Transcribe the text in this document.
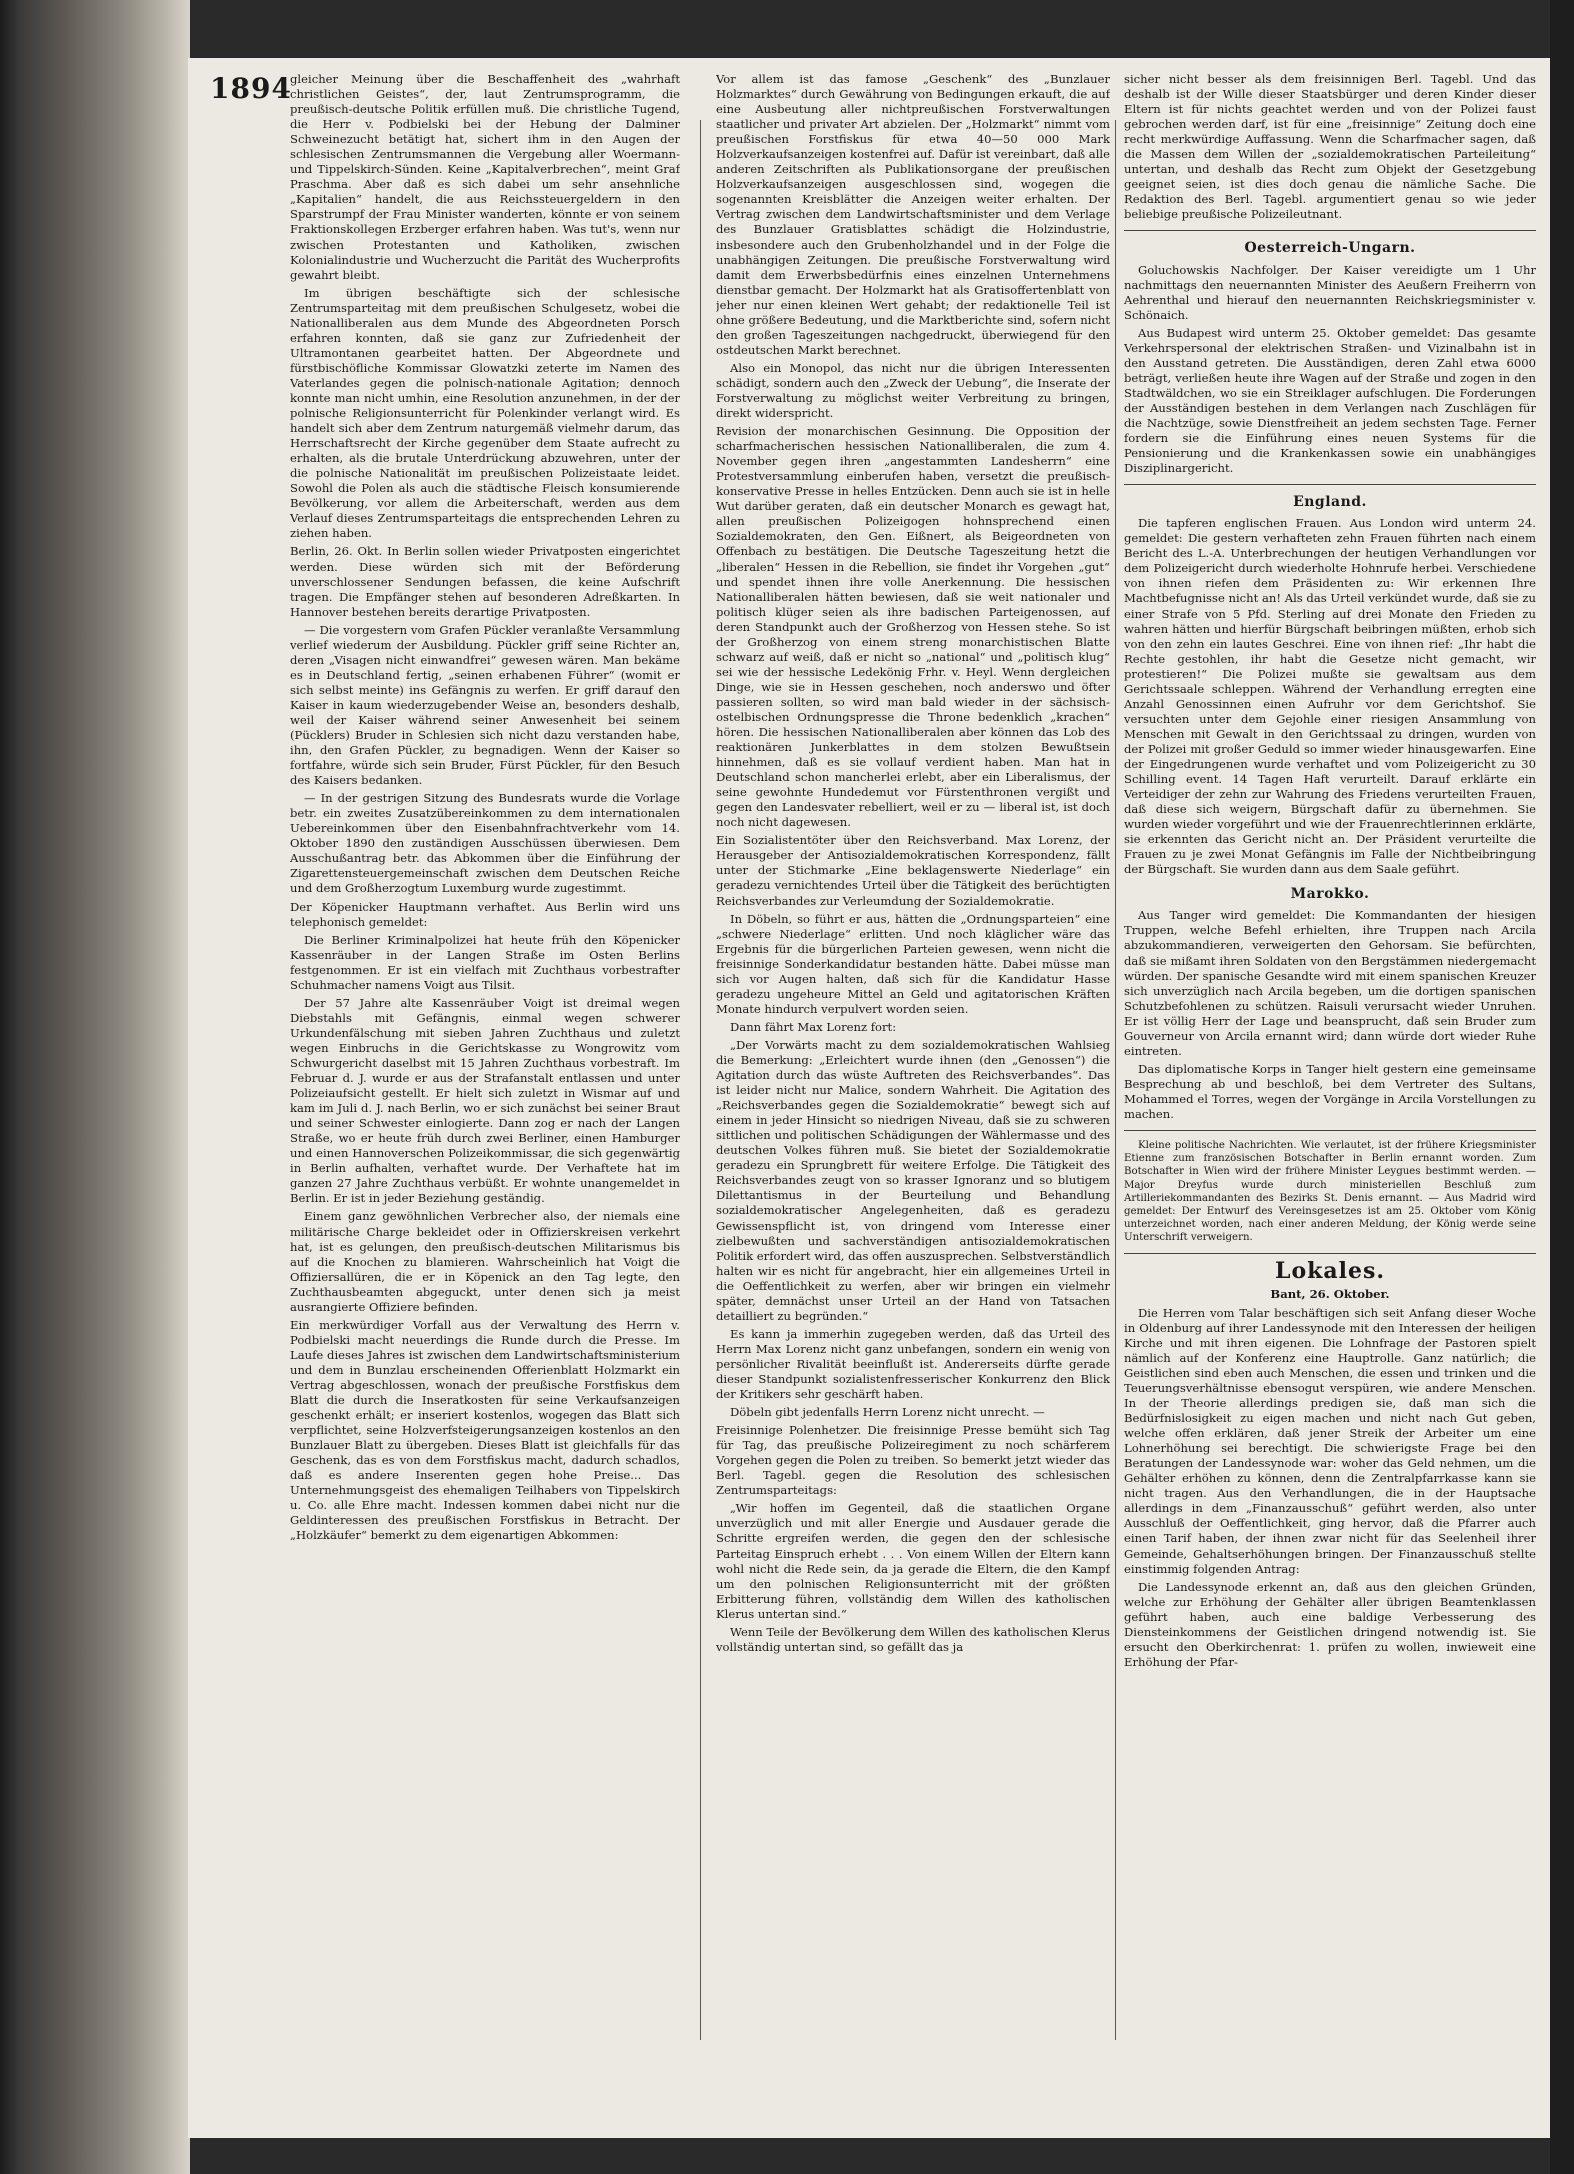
1894

gleicher Meinung über die Beschaffenheit des „wahrhaft christlichen Geistes“, der, laut Zentrumsprogramm, die preußisch-deutsche Politik erfüllen muß. Die christliche Tugend, die Herr v. Podbielski bei der Hebung der Dalminer Schweinezucht betätigt hat, sichert ihm in den Augen der schlesischen Zentrumsmannen die Vergebung aller Woermann- und Tippelskirch-Sünden. Keine „Kapitalverbrechen“, meint Graf Praschma. Aber daß es sich dabei um sehr ansehnliche „Kapitalien“ handelt, die aus Reichssteuergeldern in den Sparstrumpf der Frau Minister wanderten, könnte er von seinem Fraktionskollegen Erzberger erfahren haben. Was tut's, wenn nur zwischen Protestanten und Katholiken, zwischen Kolonialindustrie und Wucherzucht die Parität des Wucherprofits gewahrt bleibt.

Im übrigen beschäftigte sich der schlesische Zentrumsparteitag mit dem preußischen Schulgesetz, wobei die Nationalliberalen aus dem Munde des Abgeordneten Porsch erfahren konnten, daß sie ganz zur Zufriedenheit der Ultramontanen gearbeitet hatten. Der Abgeordnete und fürstbischöfliche Kommissar Glowatzki zeterte im Namen des Vaterlandes gegen die polnisch-nationale Agitation; dennoch konnte man nicht umhin, eine Resolution anzunehmen, in der der polnische Religionsunterricht für Polenkinder verlangt wird. Es handelt sich aber dem Zentrum naturgemäß vielmehr darum, das Herrschaftsrecht der Kirche gegenüber dem Staate aufrecht zu erhalten, als die brutale Unterdrückung abzuwehren, unter der die polnische Nationalität im preußischen Polizeistaate leidet. Sowohl die Polen als auch die städtische Fleisch konsumierende Bevölkerung, vor allem die Arbeiterschaft, werden aus dem Verlauf dieses Zentrumsparteitags die entsprechenden Lehren zu ziehen haben.

Berlin, 26. Okt. In Berlin sollen wieder Privatposten eingerichtet werden. Diese würden sich mit der Beförderung unverschlossener Sendungen befassen, die keine Aufschrift tragen. Die Empfänger stehen auf besonderen Adreßkarten. In Hannover bestehen bereits derartige Privatposten.

— Die vorgestern vom Grafen Pückler veranlaßte Versammlung verlief wiederum der Ausbildung. Pückler griff seine Richter an, deren „Visagen nicht einwandfrei“ gewesen wären. Man bekäme es in Deutschland fertig, „seinen erhabenen Führer“ (womit er sich selbst meinte) ins Gefängnis zu werfen. Er griff darauf den Kaiser in kaum wiederzugebender Weise an, besonders deshalb, weil der Kaiser während seiner Anwesenheit bei seinem (Pücklers) Bruder in Schlesien sich nicht dazu verstanden habe, ihn, den Grafen Pückler, zu begnadigen. Wenn der Kaiser so fortfahre, würde sich sein Bruder, Fürst Pückler, für den Besuch des Kaisers bedanken.

— In der gestrigen Sitzung des Bundesrats wurde die Vorlage betr. ein zweites Zusatzübereinkommen zu dem internationalen Uebereinkommen über den Eisenbahnfrachtverkehr vom 14. Oktober 1890 den zuständigen Ausschüssen überwiesen. Dem Ausschußantrag betr. das Abkommen über die Einführung der Zigarettensteuergemeinschaft zwischen dem Deutschen Reiche und dem Großherzogtum Luxemburg wurde zugestimmt.

Der Köpenicker Hauptmann verhaftet. Aus Berlin wird uns telephonisch gemeldet:

Die Berliner Kriminalpolizei hat heute früh den Köpenicker Kassenräuber in der Langen Straße im Osten Berlins festgenommen. Er ist ein vielfach mit Zuchthaus vorbestrafter Schuhmacher namens Voigt aus Tilsit.

Der 57 Jahre alte Kassenräuber Voigt ist dreimal wegen Diebstahls mit Gefängnis, einmal wegen schwerer Urkundenfälschung mit sieben Jahren Zuchthaus und zuletzt wegen Einbruchs in die Gerichtskasse zu Wongrowitz vom Schwurgericht daselbst mit 15 Jahren Zuchthaus vorbestraft. Im Februar d. J. wurde er aus der Strafanstalt entlassen und unter Polizeiaufsicht gestellt. Er hielt sich zuletzt in Wismar auf und kam im Juli d. J. nach Berlin, wo er sich zunächst bei seiner Braut und seiner Schwester einlogierte. Dann zog er nach der Langen Straße, wo er heute früh durch zwei Berliner, einen Hamburger und einen Hannoverschen Polizeikommissar, die sich gegenwärtig in Berlin aufhalten, verhaftet wurde. Der Verhaftete hat im ganzen 27 Jahre Zuchthaus verbüßt. Er wohnte unangemeldet in Berlin. Er ist in jeder Beziehung geständig.

Einem ganz gewöhnlichen Verbrecher also, der niemals eine militärische Charge bekleidet oder in Offizierskreisen verkehrt hat, ist es gelungen, den preußisch-deutschen Militarismus bis auf die Knochen zu blamieren. Wahrscheinlich hat Voigt die Offiziersallüren, die er in Köpenick an den Tag legte, den Zuchthausbeamten abgeguckt, unter denen sich ja meist ausrangierte Offiziere befinden.

Ein merkwürdiger Vorfall aus der Verwaltung des Herrn v. Podbielski macht neuerdings die Runde durch die Presse. Im Laufe dieses Jahres ist zwischen dem Landwirtschaftsministerium und dem in Bunzlau erscheinenden Offerienblatt Holzmarkt ein Vertrag abgeschlossen, wonach der preußische Forstfiskus dem Blatt die durch die Inseratkosten für seine Verkaufsanzeigen geschenkt erhält; er inseriert kostenlos, wogegen das Blatt sich verpflichtet, seine Holzverfsteigerungsanzeigen kostenlos an den Bunzlauer Blatt zu übergeben. Dieses Blatt ist gleichfalls für das Geschenk, das es von dem Forstfiskus macht, dadurch schadlos, daß es andere Inserenten gegen hohe Preise... Das Unternehmungsgeist des ehemaligen Teilhabers von Tippelskirch u. Co. alle Ehre macht. Indessen kommen dabei nicht nur die Geldinteressen des preußischen Forstfiskus in Betracht. Der „Holzkäufer“ bemerkt zu dem eigenartigen Abkommen:

Vor allem ist das famose „Geschenk“ des „Bunzlauer Holzmarktes“ durch Gewährung von Bedingungen erkauft, die auf eine Ausbeutung aller nichtpreußischen Forstverwaltungen staatlicher und privater Art abzielen. Der „Holzmarkt“ nimmt vom preußischen Forstfiskus für etwa 40—50 000 Mark Holzverkaufsanzeigen kostenfrei auf. Dafür ist vereinbart, daß alle anderen Zeitschriften als Publikationsorgane der preußischen Holzverkaufsanzeigen ausgeschlossen sind, wogegen die sogenannten Kreisblätter die Anzeigen weiter erhalten. Der Vertrag zwischen dem Landwirtschaftsminister und dem Verlage des Bunzlauer Gratisblattes schädigt die Holzindustrie, insbesondere auch den Grubenholzhandel und in der Folge die unabhängigen Zeitungen. Die preußische Forstverwaltung wird damit dem Erwerbsbedürfnis eines einzelnen Unternehmens dienstbar gemacht. Der Holzmarkt hat als Gratisoffertenblatt von jeher nur einen kleinen Wert gehabt; der redaktionelle Teil ist ohne größere Bedeutung, und die Marktberichte sind, sofern nicht den großen Tageszeitungen nachgedruckt, überwiegend für den ostdeutschen Markt berechnet.

Also ein Monopol, das nicht nur die übrigen Interessenten schädigt, sondern auch den „Zweck der Uebung“, die Inserate der Forstverwaltung zu möglichst weiter Verbreitung zu bringen, direkt widerspricht.

Revision der monarchischen Gesinnung. Die Opposition der scharfmacherischen hessischen Nationalliberalen, die zum 4. November gegen ihren „angestammten Landesherrn“ eine Protestversammlung einberufen haben, versetzt die preußisch-konservative Presse in helles Entzücken. Denn auch sie ist in helle Wut darüber geraten, daß ein deutscher Monarch es gewagt hat, allen preußischen Polizeigogen hohnsprechend einen Sozialdemokraten, den Gen. Eißnert, als Beigeordneten von Offenbach zu bestätigen. Die Deutsche Tageszeitung hetzt die „liberalen“ Hessen in die Rebellion, sie findet ihr Vorgehen „gut“ und spendet ihnen ihre volle Anerkennung. Die hessischen Nationalliberalen hätten bewiesen, daß sie weit nationaler und politisch klüger seien als ihre badischen Parteigenossen, auf deren Standpunkt auch der Großherzog von Hessen stehe. So ist der Großherzog von einem streng monarchistischen Blatte schwarz auf weiß, daß er nicht so „national“ und „politisch klug“ sei wie der hessische Ledekönig Frhr. v. Heyl. Wenn dergleichen Dinge, wie sie in Hessen geschehen, noch anderswo und öfter passieren sollten, so wird man bald wieder in der sächsisch-ostelbischen Ordnungspresse die Throne bedenklich „krachen“ hören. Die hessischen Nationalliberalen aber können das Lob des reaktionären Junkerblattes in dem stolzen Bewußtsein hinnehmen, daß es sie vollauf verdient haben. Man hat in Deutschland schon mancherlei erlebt, aber ein Liberalismus, der seine gewohnte Hundedemut vor Fürstenthronen vergißt und gegen den Landesvater rebelliert, weil er zu — liberal ist, ist doch noch nicht dagewesen.

Ein Sozialistentöter über den Reichsverband. Max Lorenz, der Herausgeber der Antisozialdemokratischen Korrespondenz, fällt unter der Stichmarke „Eine beklagenswerte Niederlage“ ein geradezu vernichtendes Urteil über die Tätigkeit des berüchtigten Reichsverbandes zur Verleumdung der Sozialdemokratie.

In Döbeln, so führt er aus, hätten die „Ordnungsparteien“ eine „schwere Niederlage“ erlitten. Und noch kläglicher wäre das Ergebnis für die bürgerlichen Parteien gewesen, wenn nicht die freisinnige Sonderkandidatur bestanden hätte. Dabei müsse man sich vor Augen halten, daß sich für die Kandidatur Hasse geradezu ungeheure Mittel an Geld und agitatorischen Kräften Monate hindurch verpulvert worden seien.

Dann fährt Max Lorenz fort:

„Der Vorwärts macht zu dem sozialdemokratischen Wahlsieg die Bemerkung: „Erleichtert wurde ihnen (den „Genossen“) die Agitation durch das wüste Auftreten des Reichsverbandes“. Das ist leider nicht nur Malice, sondern Wahrheit. Die Agitation des „Reichsverbandes gegen die Sozialdemokratie“ bewegt sich auf einem in jeder Hinsicht so niedrigen Niveau, daß sie zu schweren sittlichen und politischen Schädigungen der Wählermasse und des deutschen Volkes führen muß. Sie bietet der Sozialdemokratie geradezu ein Sprungbrett für weitere Erfolge. Die Tätigkeit des Reichsverbandes zeugt von so krasser Ignoranz und so blutigem Dilettantismus in der Beurteilung und Behandlung sozialdemokratischer Angelegenheiten, daß es geradezu Gewissenspflicht ist, von dringend vom Interesse einer zielbewußten und sachverständigen antisozialdemokratischen Politik erfordert wird, das offen auszusprechen. Selbstverständlich halten wir es nicht für angebracht, hier ein allgemeines Urteil in die Oeffentlichkeit zu werfen, aber wir bringen ein vielmehr später, demnächst unser Urteil an der Hand von Tatsachen detailliert zu begründen.“

Es kann ja immerhin zugegeben werden, daß das Urteil des Herrn Max Lorenz nicht ganz unbefangen, sondern ein wenig von persönlicher Rivalität beeinflußt ist. Andererseits dürfte gerade dieser Standpunkt sozialistenfresserischer Konkurrenz den Blick der Kritikers sehr geschärft haben.

Döbeln gibt jedenfalls Herrn Lorenz nicht unrecht. —

Freisinnige Polenhetzer. Die freisinnige Presse bemüht sich Tag für Tag, das preußische Polizeiregiment zu noch schärferem Vorgehen gegen die Polen zu treiben. So bemerkt jetzt wieder das Berl. Tagebl. gegen die Resolution des schlesischen Zentrumsparteitags:

„Wir hoffen im Gegenteil, daß die staatlichen Organe unverzüglich und mit aller Energie und Ausdauer gerade die Schritte ergreifen werden, die gegen den der schlesische Parteitag Einspruch erhebt . . . Von einem Willen der Eltern kann wohl nicht die Rede sein, da ja gerade die Eltern, die den Kampf um den polnischen Religionsunterricht mit der größten Erbitterung führen, vollständig dem Willen des katholischen Klerus untertan sind.“

Wenn Teile der Bevölkerung dem Willen des katholischen Klerus vollständig untertan sind, so gefällt das ja

sicher nicht besser als dem freisinnigen Berl. Tagebl. Und das deshalb ist der Wille dieser Staatsbürger und deren Kinder dieser Eltern ist für nichts geachtet werden und von der Polizei faust gebrochen werden darf, ist für eine „freisinnige“ Zeitung doch eine recht merkwürdige Auffassung. Wenn die Scharfmacher sagen, daß die Massen dem Willen der „sozialdemokratischen Parteileitung“ untertan, und deshalb das Recht zum Objekt der Gesetzgebung geeignet seien, ist dies doch genau die nämliche Sache. Die Redaktion des Berl. Tagebl. argumentiert genau so wie jeder beliebige preußische Polizeileutnant.

Oesterreich-Ungarn.

Goluchowskis Nachfolger. Der Kaiser vereidigte um 1 Uhr nachmittags den neuernannten Minister des Aeußern Freiherrn von Aehrenthal und hierauf den neuernannten Reichskriegsminister v. Schönaich.

Aus Budapest wird unterm 25. Oktober gemeldet: Das gesamte Verkehrspersonal der elektrischen Straßen- und Vizinalbahn ist in den Ausstand getreten. Die Ausständigen, deren Zahl etwa 6000 beträgt, verließen heute ihre Wagen auf der Straße und zogen in den Stadtwäldchen, wo sie ein Streiklager aufschlugen. Die Forderungen der Ausständigen bestehen in dem Verlangen nach Zuschlägen für die Nachtzüge, sowie Dienstfreiheit an jedem sechsten Tage. Ferner fordern sie die Einführung eines neuen Systems für die Pensionierung und die Krankenkassen sowie ein unabhängiges Disziplinargericht.

England.

Die tapferen englischen Frauen. Aus London wird unterm 24. gemeldet: Die gestern verhafteten zehn Frauen führten nach einem Bericht des L.-A. Unterbrechungen der heutigen Verhandlungen vor dem Polizeigericht durch wiederholte Hohnrufe herbei. Verschiedene von ihnen riefen dem Präsidenten zu: Wir erkennen Ihre Machtbefugnisse nicht an! Als das Urteil verkündet wurde, daß sie zu einer Strafe von 5 Pfd. Sterling auf drei Monate den Frieden zu wahren hätten und hierfür Bürgschaft beibringen müßten, erhob sich von den zehn ein lautes Geschrei. Eine von ihnen rief: „Ihr habt die Rechte gestohlen, ihr habt die Gesetze nicht gemacht, wir protestieren!“ Die Polizei mußte sie gewaltsam aus dem Gerichtssaale schleppen. Während der Verhandlung erregten eine Anzahl Genossinnen einen Aufruhr vor dem Gerichtshof. Sie versuchten unter dem Gejohle einer riesigen Ansammlung von Menschen mit Gewalt in den Gerichtssaal zu dringen, wurden von der Polizei mit großer Geduld so immer wieder hinausgewarfen. Eine der Eingedrungenen wurde verhaftet und vom Polizeigericht zu 30 Schilling event. 14 Tagen Haft verurteilt. Darauf erklärte ein Verteidiger der zehn zur Wahrung des Friedens verurteilten Frauen, daß diese sich weigern, Bürgschaft dafür zu übernehmen. Sie wurden wieder vorgeführt und wie der Frauenrechtlerinnen erklärte, sie erkennten das Gericht nicht an. Der Präsident verurteilte die Frauen zu je zwei Monat Gefängnis im Falle der Nichtbeibringung der Bürgschaft. Sie wurden dann aus dem Saale geführt.

Marokko.

Aus Tanger wird gemeldet: Die Kommandanten der hiesigen Truppen, welche Befehl erhielten, ihre Truppen nach Arcila abzukommandieren, verweigerten den Gehorsam. Sie befürchten, daß sie mißamt ihren Soldaten von den Bergstämmen niedergemacht würden. Der spanische Gesandte wird mit einem spanischen Kreuzer sich unverzüglich nach Arcila begeben, um die dortigen spanischen Schutzbefohlenen zu schützen. Raisuli verursacht wieder Unruhen. Er ist völlig Herr der Lage und beansprucht, daß sein Bruder zum Gouverneur von Arcila ernannt wird; dann würde dort wieder Ruhe eintreten.

Das diplomatische Korps in Tanger hielt gestern eine gemeinsame Besprechung ab und beschloß, bei dem Vertreter des Sultans, Mohammed el Torres, wegen der Vorgänge in Arcila Vorstellungen zu machen.

Kleine politische Nachrichten. Wie verlautet, ist der frühere Kriegsminister Etienne zum französischen Botschafter in Berlin ernannt worden. Zum Botschafter in Wien wird der frühere Minister Leygues bestimmt werden. — Major Dreyfus wurde durch ministeriellen Beschluß zum Artilleriekommandanten des Bezirks St. Denis ernannt. — Aus Madrid wird gemeldet: Der Entwurf des Vereinsgesetzes ist am 25. Oktober vom König unterzeichnet worden, nach einer anderen Meldung, der König werde seine Unterschrift verweigern.

Lokales.

Bant, 26. Oktober.

Die Herren vom Talar beschäftigen sich seit Anfang dieser Woche in Oldenburg auf ihrer Landessynode mit den Interessen der heiligen Kirche und mit ihren eigenen. Die Lohnfrage der Pastoren spielt nämlich auf der Konferenz eine Hauptrolle. Ganz natürlich; die Geistlichen sind eben auch Menschen, die essen und trinken und die Teuerungsverhältnisse ebensogut verspüren, wie andere Menschen. In der Theorie allerdings predigen sie, daß man sich die Bedürfnislosigkeit zu eigen machen und nicht nach Gut geben, welche offen erklären, daß jener Streik der Arbeiter um eine Lohnerhöhung sei berechtigt. Die schwierigste Frage bei den Beratungen der Landessynode war: woher das Geld nehmen, um die Gehälter erhöhen zu können, denn die Zentralpfarrkasse kann sie nicht tragen. Aus den Verhandlungen, die in der Hauptsache allerdings in dem „Finanzausschuß“ geführt werden, also unter Ausschluß der Oeffentlichkeit, ging hervor, daß die Pfarrer auch einen Tarif haben, der ihnen zwar nicht für das Seelenheil ihrer Gemeinde, Gehaltserhöhungen bringen. Der Finanzausschuß stellte einstimmig folgenden Antrag:

Die Landessynode erkennt an, daß aus den gleichen Gründen, welche zur Erhöhung der Gehälter aller übrigen Beamtenklassen geführt haben, auch eine baldige Verbesserung des Diensteinkommens der Geistlichen dringend notwendig ist. Sie ersucht den Oberkirchenrat: 1. prüfen zu wollen, inwieweit eine Erhöhung der Pfar-
